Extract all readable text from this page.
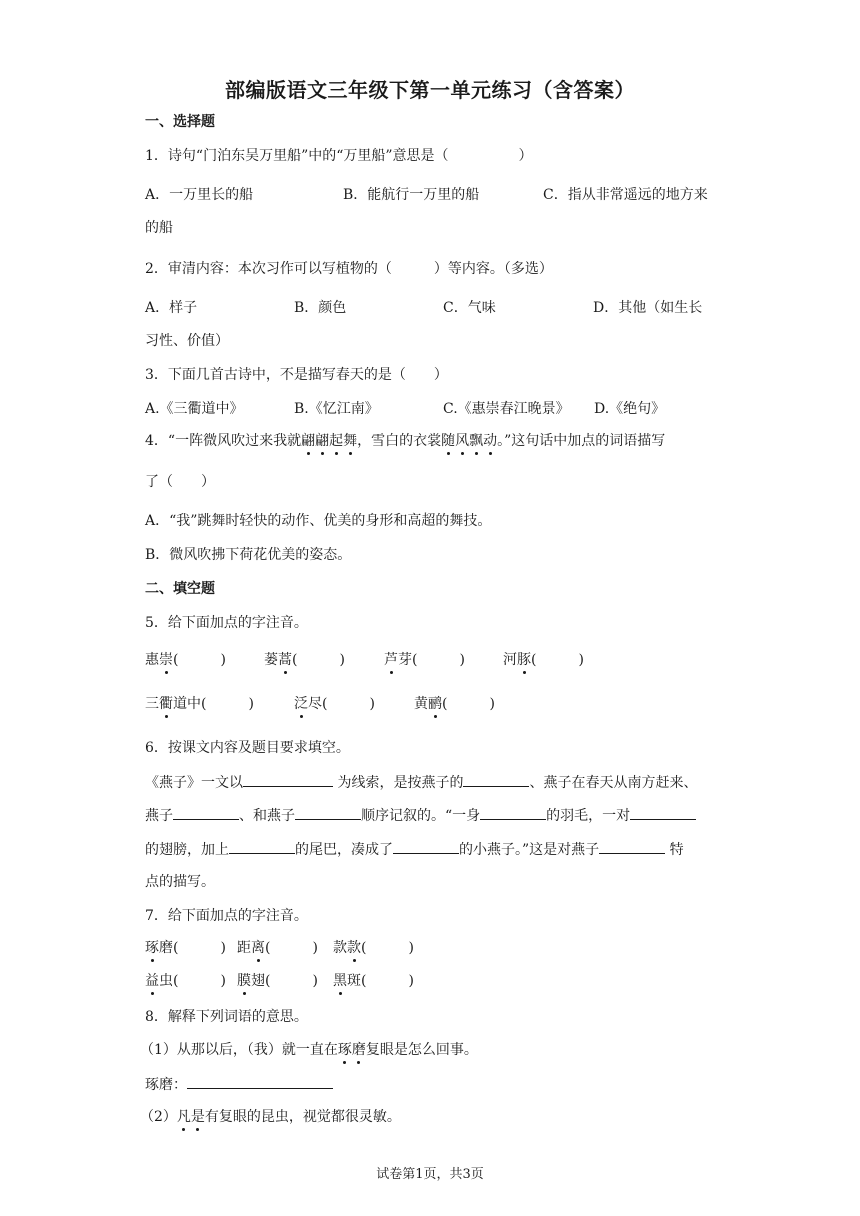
部编版语文三年级下第一单元练习（含答案）
一、选择题
1．诗句“门泊东吴万里船”中的“万里船”意思是（　　　　　）
A．一万里长的船	B．能航行一万里的船	C．指从非常遥远的地方来
的船
2．审清内容：本次习作可以写植物的（　　　）等内容。（多选）
A．样子	B．颜色	C．气味	D．其他（如生长
习性、价值）
3．下面几首古诗中，不是描写春天的是（　　）
A.《三衢道中》	B.《忆江南》	C.《惠崇春江晚景》 D.《绝句》
4．“一阵微风吹过来我就翩翩起舞，雪白的衣裳随风飘动。”这句话中加点的词语描写
了（　　）
A．“我”跳舞时轻快的动作、优美的身形和高超的舞技。
B．微风吹拂下荷花优美的姿态。
二、填空题
5．给下面加点的字注音。
惠崇(　　　)	蒌蒿(　　　)	芦芽(　　　)	河豚(　　　)
三衢道中(　　　)	泛尽(　　　)	黄鹂(　　　)
6．按课文内容及题目要求填空。
《燕子》一文以	为线索，是按燕子的	、燕子在春天从南方赶来、
燕子	、和燕子	顺序记叙的。“一身	的羽毛，一对
的翅膀，加上	的尾巴，凑成了	的小燕子。”这是对燕子	特
点的描写。
7．给下面加点的字注音。
琢磨(　　　) 距离(　　　) 款款(　　　)
益虫(　　　) 膜翅(　　　) 黑斑(　　　)
8．解释下列词语的意思。
（1）从那以后，（我）就一直在琢磨复眼是怎么回事。
琢磨：
（2）凡是有复眼的昆虫，视觉都很灵敏。
试卷第1页，共3页
